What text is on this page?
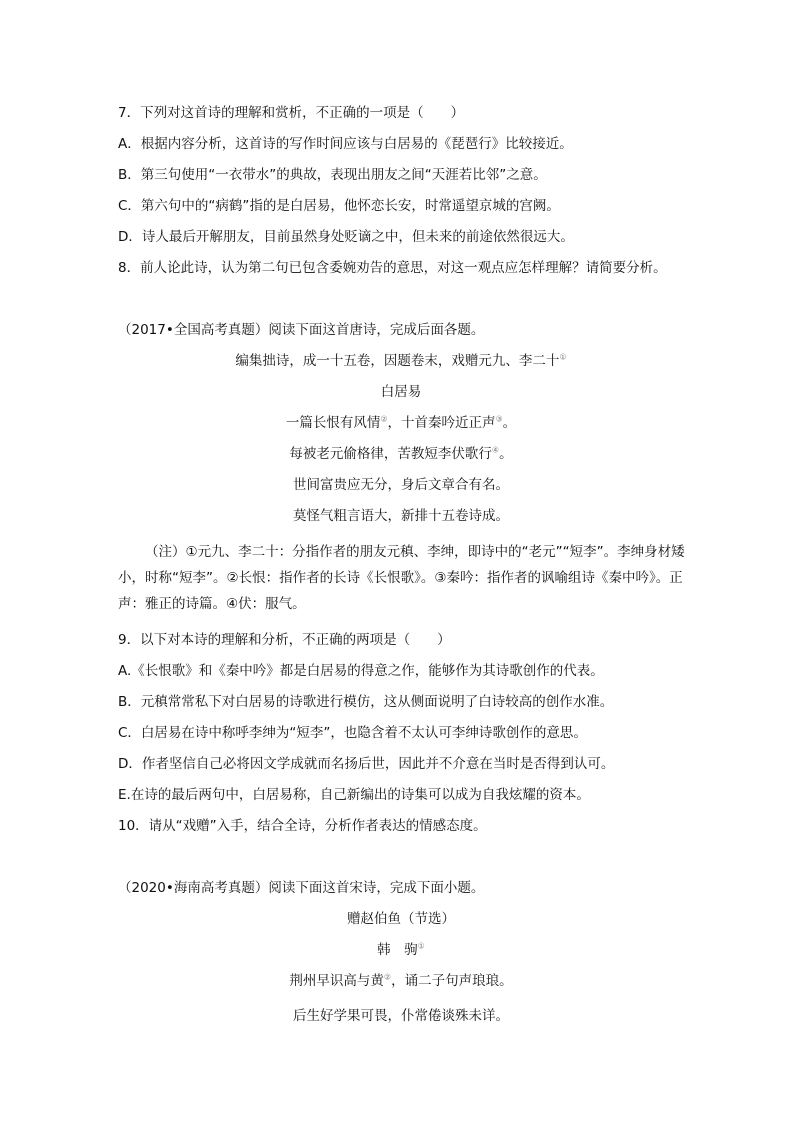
7．下列对这首诗的理解和赏析，不正确的一项是（　　）
A．根据内容分析，这首诗的写作时间应该与白居易的《琵琶行》比较接近。
B．第三句使用“一衣带水”的典故，表现出朋友之间“天涯若比邻”之意。
C．第六句中的“病鹤”指的是白居易，他怀恋长安，时常遥望京城的宫阙。
D．诗人最后开解朋友，目前虽然身处贬谪之中，但未来的前途依然很远大。
8．前人论此诗，认为第二句已包含委婉劝告的意思，对这一观点应怎样理解？请简要分析。
（2017•全国高考真题）阅读下面这首唐诗，完成后面各题。
编集拙诗，成一十五卷，因题卷末，戏赠元九、李二十①
白居易
一篇长恨有风情②，十首秦吟近正声③。
每被老元偷格律，苦教短李伏歌行④。
世间富贵应无分，身后文章合有名。
莫怪气粗言语大，新排十五卷诗成。
（注）①元九、李二十：分指作者的朋友元稹、李绅，即诗中的“老元”“短李”。李绅身材矮小，时称“短李”。②长恨：指作者的长诗《长恨歌》。③秦吟：指作者的讽喻组诗《秦中吟》。正声：雅正的诗篇。④伏：服气。
9．以下对本诗的理解和分析，不正确的两项是（　　）
A.《长恨歌》和《秦中吟》都是白居易的得意之作，能够作为其诗歌创作的代表。
B．元稹常常私下对白居易的诗歌进行模仿，这从侧面说明了白诗较高的创作水准。
C．白居易在诗中称呼李绅为“短李”，也隐含着不太认可李绅诗歌创作的意思。
D．作者坚信自己必将因文学成就而名扬后世，因此并不介意在当时是否得到认可。
E.在诗的最后两句中，白居易称，自己新编出的诗集可以成为自我炫耀的资本。
10．请从“戏赠”入手，结合全诗，分析作者表达的情感态度。
（2020•海南高考真题）阅读下面这首宋诗，完成下面小题。
赠赵伯鱼（节选）
韩　驹①
荆州早识高与黄②，诵二子句声琅琅。
后生好学果可畏，仆常倦谈殊未详。
